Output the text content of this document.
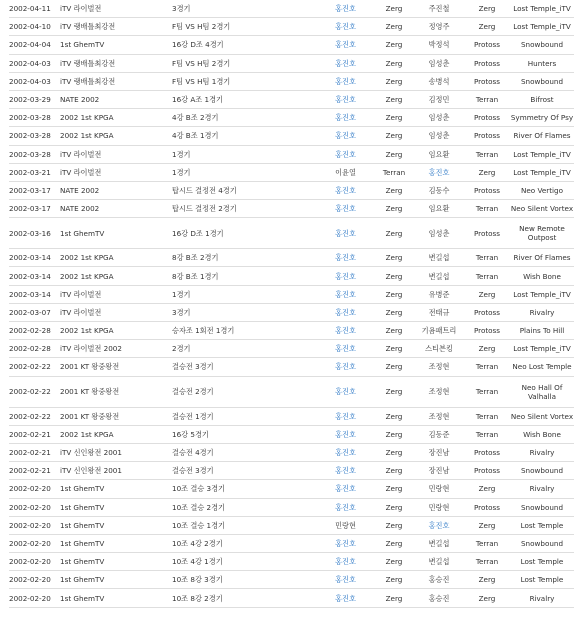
2002-04-11	iTV 라이벌전	3경기	홍진호	Zerg	주진철	Zerg	Lost Temple_iTV
2002-04-10	iTV 랭배틀최강전	F팀 VS H팀 2경기	홍진호	Zerg	정영주	Zerg	Lost Temple_iTV
2002-04-04	1st GhemTV	16강 D조 4경기	홍진호	Zerg	박정석	Protoss	Snowbound
2002-04-03	iTV 랭배틀최강전	F팀 VS H팀 2경기	홍진호	Zerg	임성춘	Protoss	Hunters
2002-04-03	iTV 랭배틀최강전	F팀 VS H팀 1경기	홍진호	Zerg	송병석	Protoss	Snowbound
2002-03-29	NATE 2002	16강 A조 1경기	홍진호	Zerg	김정민	Terran	Bifrost
2002-03-28	2002 1st KPGA	4강 B조 2경기	홍진호	Zerg	임성춘	Protoss	Symmetry Of Psy
2002-03-28	2002 1st KPGA	4강 B조 1경기	홍진호	Zerg	임성춘	Protoss	River Of Flames
2002-03-28	iTV 라이벌전	1경기	홍진호	Zerg	임요환	Terran	Lost Temple_iTV
2002-03-21	iTV 라이벌전	1경기	이윤열	Terran	홍진호	Zerg	Lost Temple_iTV
2002-03-17	NATE 2002	탑시드 결정전 4경기	홍진호	Zerg	김동수	Protoss	Neo Vertigo
2002-03-17	NATE 2002	탑시드 결정전 2경기	홍진호	Zerg	임요환	Terran	Neo Silent Vortex
2002-03-16	1st GhemTV	16강 D조 1경기	홍진호	Zerg	임성춘	Protoss	New Remote Outpost
2002-03-14	2002 1st KPGA	8강 B조 2경기	홍진호	Zerg	변길섭	Terran	River Of Flames
2002-03-14	2002 1st KPGA	8강 B조 1경기	홍진호	Zerg	변길섭	Terran	Wish Bone
2002-03-14	iTV 라이벌전	1경기	홍진호	Zerg	유병준	Zerg	Lost Temple_iTV
2002-03-07	iTV 라이벌전	3경기	홍진호	Zerg	전태규	Protoss	Rivalry
2002-02-28	2002 1st KPGA	승자조 1회전 1경기	홍진호	Zerg	기욤패트리	Protoss	Plains To Hill
2002-02-28	iTV 라이벌전 2002	2경기	홍진호	Zerg	스티븐킹	Zerg	Lost Temple_iTV
2002-02-22	2001 KT 왕중왕전	결승전 3경기	홍진호	Zerg	조정현	Terran	Neo Lost Temple
2002-02-22	2001 KT 왕중왕전	결승전 2경기	홍진호	Zerg	조정현	Terran	Neo Hall Of Valhalla
2002-02-22	2001 KT 왕중왕전	결승전 1경기	홍진호	Zerg	조정현	Terran	Neo Silent Vortex
2002-02-21	2002 1st KPGA	16강 5경기	홍진호	Zerg	김동준	Terran	Wish Bone
2002-02-21	iTV 신인왕전 2001	결승전 4경기	홍진호	Zerg	장진남	Protoss	Rivalry
2002-02-21	iTV 신인왕전 2001	결승전 3경기	홍진호	Zerg	장진남	Protoss	Snowbound
2002-02-20	1st GhemTV	10조 결승 3경기	홍진호	Zerg	민랑현	Zerg	Rivalry
2002-02-20	1st GhemTV	10조 결승 2경기	홍진호	Zerg	민랑현	Protoss	Snowbound
2002-02-20	1st GhemTV	10조 결승 1경기	민랑현	Zerg	홍진호	Zerg	Lost Temple
2002-02-20	1st GhemTV	10조 4강 2경기	홍진호	Zerg	변길섭	Terran	Snowbound
2002-02-20	1st GhemTV	10조 4강 1경기	홍진호	Zerg	변길섭	Terran	Lost Temple
2002-02-20	1st GhemTV	10조 8강 3경기	홍진호	Zerg	홍승진	Zerg	Lost Temple
2002-02-20	1st GhemTV	10조 8강 2경기	홍진호	Zerg	홍승진	Zerg	Rivalry
